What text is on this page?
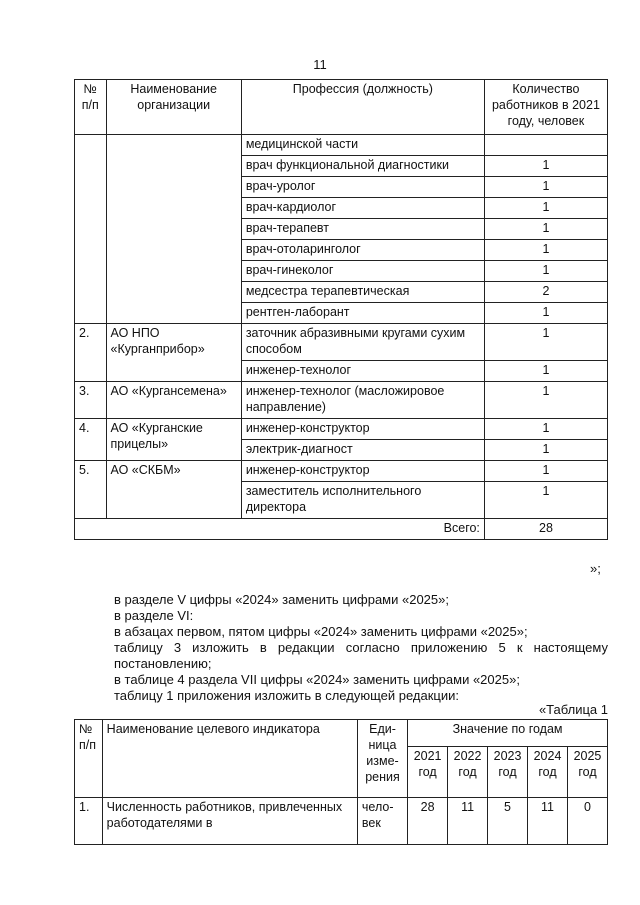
11
№ п/п	Наименование организации	Профессия (должность)	Количество работников в 2021 году, человек
		медицинской части	
		врач функциональной диагностики	1
		врач-уролог	1
		врач-кардиолог	1
		врач-терапевт	1
		врач-отоларинголог	1
		врач-гинеколог	1
		медсестра терапевтическая	2
		рентген-лаборант	1
2.	АО НПО «Курганприбор»	заточник абразивными кругами сухим способом	1
		инженер-технолог	1
3.	АО «Кургансемена»	инженер-технолог (масложировое направление)	1
4.	АО «Курганские прицелы»	инженер-конструктор	1
		электрик-диагност	1
5.	АО «СКБМ»	инженер-конструктор	1
		заместитель исполнительного директора	1
Всего:			28
»;
в разделе V цифры «2024» заменить цифрами «2025»;
в разделе VI:
в абзацах первом, пятом цифры «2024» заменить цифрами «2025»;
таблицу 3 изложить в редакции согласно приложению 5 к настоящему постановлению;
в таблице 4 раздела VII цифры «2024» заменить цифрами «2025»;
таблицу 1 приложения изложить в следующей редакции:
«Таблица 1
№ п/п	Наименование целевого индикатора	Еди-ница изме-рения	Значение по годам				
			2021 год	2022 год	2023 год	2024 год	2025 год
1.	Численность работников, привлеченных работодателями в	чело-век	28	11	5	11	0
